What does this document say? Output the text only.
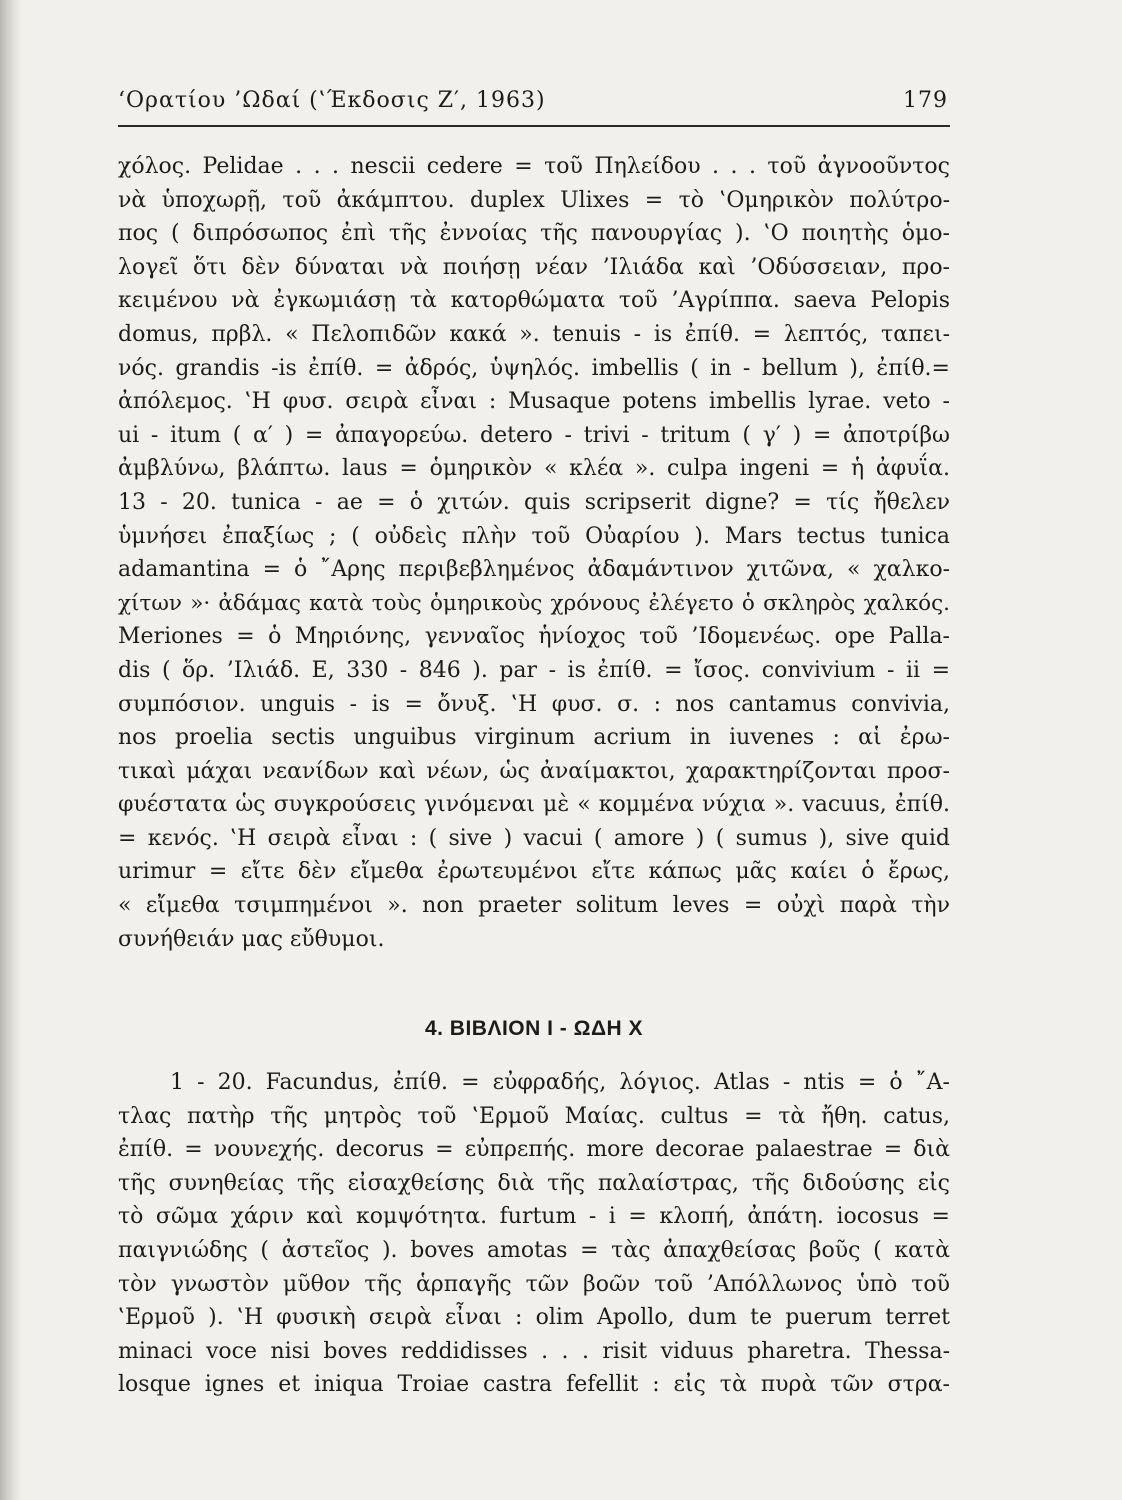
‘Ορατίου ’Ωδαί (‛Έκδοσις Ζ′, 1963)	179
χόλος. Pelidae . . . nescii cedere = τοῦ Πηλείδου . . . τοῦ ἀγνοοῦντος
νὰ ὑποχωρῇ, τοῦ ἀκάμπτου. duplex Ulixes = τὸ ‛Ομηρικὸν πολύτρο-
πος ( διπρόσωπος ἐπὶ τῆς ἐννοίας τῆς πανουργίας ). ‛Ο ποιητὴς ὁμο-
λογεῖ ὅτι δὲν δύναται νὰ ποιήσῃ νέαν ’Ιλιάδα καὶ ’Οδύσσειαν, προ-
κειμένου νὰ ἐγκωμιάσῃ τὰ κατορθώματα τοῦ ’Αγρίππα. saeva Pelopis
domus, πρβλ. « Πελοπιδῶν κακά ». tenuis - is ἐπίθ. = λεπτός, ταπει-
νός. grandis -is ἐπίθ. = ἀδρός, ὑψηλός. imbellis ( in - bellum ), ἐπίθ.=
ἀπόλεμος. ‛Η φυσ. σειρὰ εἶναι : Musaque potens imbellis lyrae. veto -
ui - itum ( α′ ) = ἀπαγορεύω. detero - trivi - tritum ( γ′ ) = ἀποτρίβω
ἀμβλύνω, βλάπτω. laus = ὁμηρικὸν « κλέα ». culpa ingeni = ἡ ἀφυΐα.
13 - 20. tunica - ae = ὁ χιτών. quis scripserit digne? = τίς ἤθελεν
ὑμνήσει ἐπαξίως ; ( οὐδεὶς πλὴν τοῦ Οὐαρίου ). Mars tectus tunica
adamantina = ὁ ῎Αρης περιβεβλημένος ἀδαμάντινον χιτῶνα, « χαλκο-
χίτων »· ἀδάμας κατὰ τοὺς ὁμηρικοὺς χρόνους ἐλέγετο ὁ σκληρὸς χαλκός.
Meriones = ὁ Μηριόνης, γενναῖος ἡνίοχος τοῦ ’Ιδομενέως. ope Palla-
dis ( ὅρ. ’Ιλιάδ. Ε, 330 - 846 ). par - is ἐπίθ. = ἴσος. convivium - ii =
συμπόσιον. unguis - is = ὄνυξ. ‛Η φυσ. σ. : nos cantamus convivia,
nos proelia sectis unguibus virginum acrium in iuvenes : αἱ ἐρω-
τικαὶ μάχαι νεανίδων καὶ νέων, ὡς ἀναίμακτοι, χαρακτηρίζονται προσ-
φυέστατα ὡς συγκρούσεις γινόμεναι μὲ « κομμένα νύχια ». vacuus, ἐπίθ.
= κενός. ‛Η σειρὰ εἶναι : ( sive ) vacui ( amore ) ( sumus ), sive quid
urimur = εἴτε δὲν εἴμεθα ἐρωτευμένοι εἴτε κάπως μᾶς καίει ὁ ἔρως,
« εἴμεθα τσιμπημένοι ». non praeter solitum leves = οὐχὶ παρὰ τὴν
συνήθειάν μας εὔθυμοι.
4. ΒΙΒΛΙΟΝ Ι - ΩΔΗ Χ
1 - 20. Facundus, ἐπίθ. = εὐφραδής, λόγιος. Atlas - ntis = ὁ ῎Α-
τλας πατὴρ τῆς μητρὸς τοῦ ‛Ερμοῦ Μαίας. cultus = τὰ ἤθη. catus,
ἐπίθ. = νουνεχής. decorus = εὐπρεπής. more decorae palaestrae = διὰ
τῆς συνηθείας τῆς εἰσαχθείσης διὰ τῆς παλαίστρας, τῆς διδούσης εἰς
τὸ σῶμα χάριν καὶ κομψότητα. furtum - i = κλοπή, ἀπάτη. iocosus =
παιγνιώδης ( ἀστεῖος ). boves amotas = τὰς ἀπαχθείσας βοῦς ( κατὰ
τὸν γνωστὸν μῦθον τῆς ἁρπαγῆς τῶν βοῶν τοῦ ’Απόλλωνος ὑπὸ τοῦ
‛Ερμοῦ ). ‛Η φυσικὴ σειρὰ εἶναι : olim Apollo, dum te puerum terret
minaci voce nisi boves reddidisses . . . risit viduus pharetra. Thessa-
losque ignes et iniqua Troiae castra fefellit : εἰς τὰ πυρὰ τῶν στρα-
